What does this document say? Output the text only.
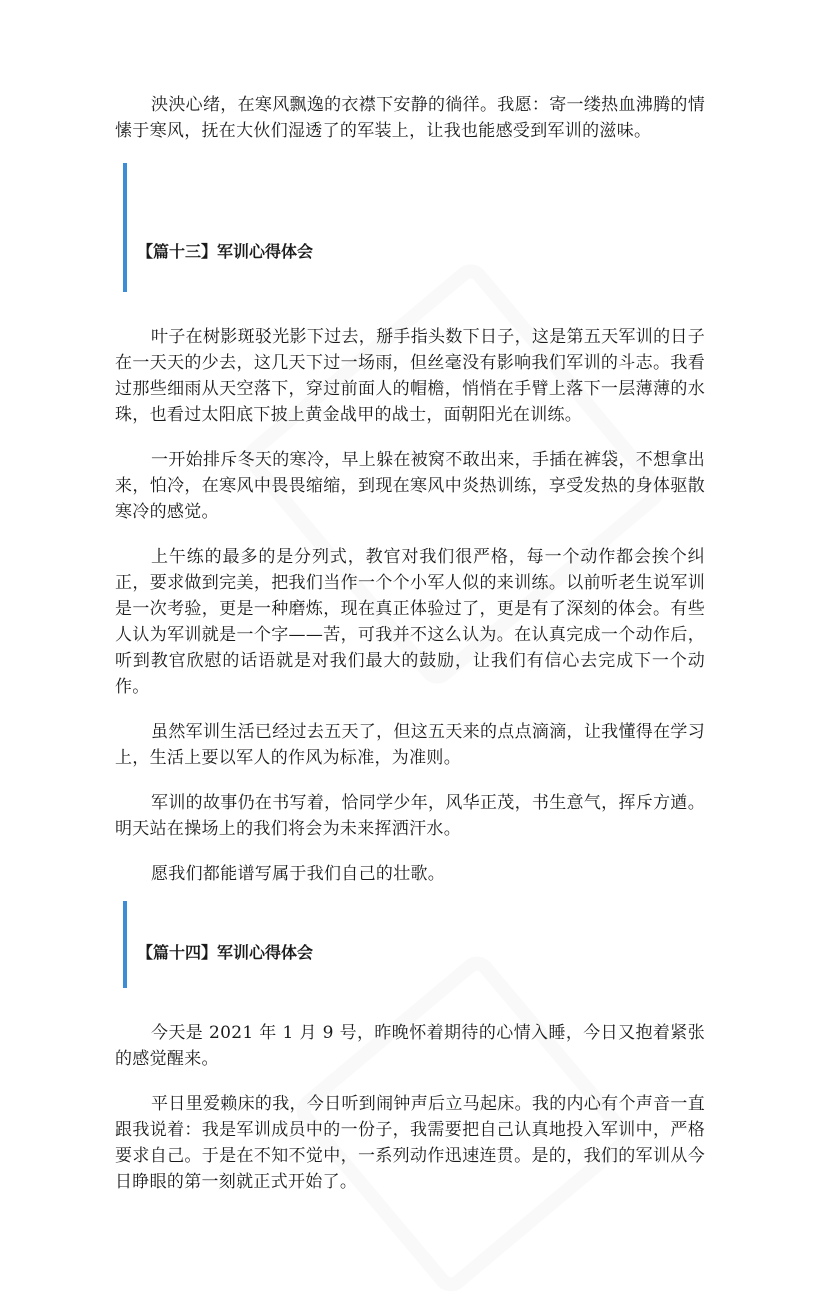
泱泱心绪，在寒风飘逸的衣襟下安静的徜徉。我愿：寄一缕热血沸腾的情愫于寒风，抚在大伙们湿透了的军装上，让我也能感受到军训的滋味。

【篇十三】军训心得体会

叶子在树影斑驳光影下过去，掰手指头数下日子，这是第五天军训的日子在一天天的少去，这几天下过一场雨，但丝毫没有影响我们军训的斗志。我看过那些细雨从天空落下，穿过前面人的帽檐，悄悄在手臂上落下一层薄薄的水珠，也看过太阳底下披上黄金战甲的战士，面朝阳光在训练。

一开始排斥冬天的寒冷，早上躲在被窝不敢出来，手插在裤袋，不想拿出来，怕冷，在寒风中畏畏缩缩，到现在寒风中炎热训练，享受发热的身体驱散寒冷的感觉。

上午练的最多的是分列式，教官对我们很严格，每一个动作都会挨个纠正，要求做到完美，把我们当作一个个小军人似的来训练。以前听老生说军训是一次考验，更是一种磨炼，现在真正体验过了，更是有了深刻的体会。有些人认为军训就是一个字——苦，可我并不这么认为。在认真完成一个动作后，听到教官欣慰的话语就是对我们最大的鼓励，让我们有信心去完成下一个动作。

虽然军训生活已经过去五天了，但这五天来的点点滴滴，让我懂得在学习上，生活上要以军人的作风为标准，为准则。

军训的故事仍在书写着，恰同学少年，风华正茂，书生意气，挥斥方遒。明天站在操场上的我们将会为未来挥洒汗水。

愿我们都能谱写属于我们自己的壮歌。

【篇十四】军训心得体会

今天是 2021 年 1 月 9 号，昨晚怀着期待的心情入睡，今日又抱着紧张的感觉醒来。

平日里爱赖床的我，今日听到闹钟声后立马起床。我的内心有个声音一直跟我说着：我是军训成员中的一份子，我需要把自己认真地投入军训中，严格要求自己。于是在不知不觉中，一系列动作迅速连贯。是的，我们的军训从今日睁眼的第一刻就正式开始了。
